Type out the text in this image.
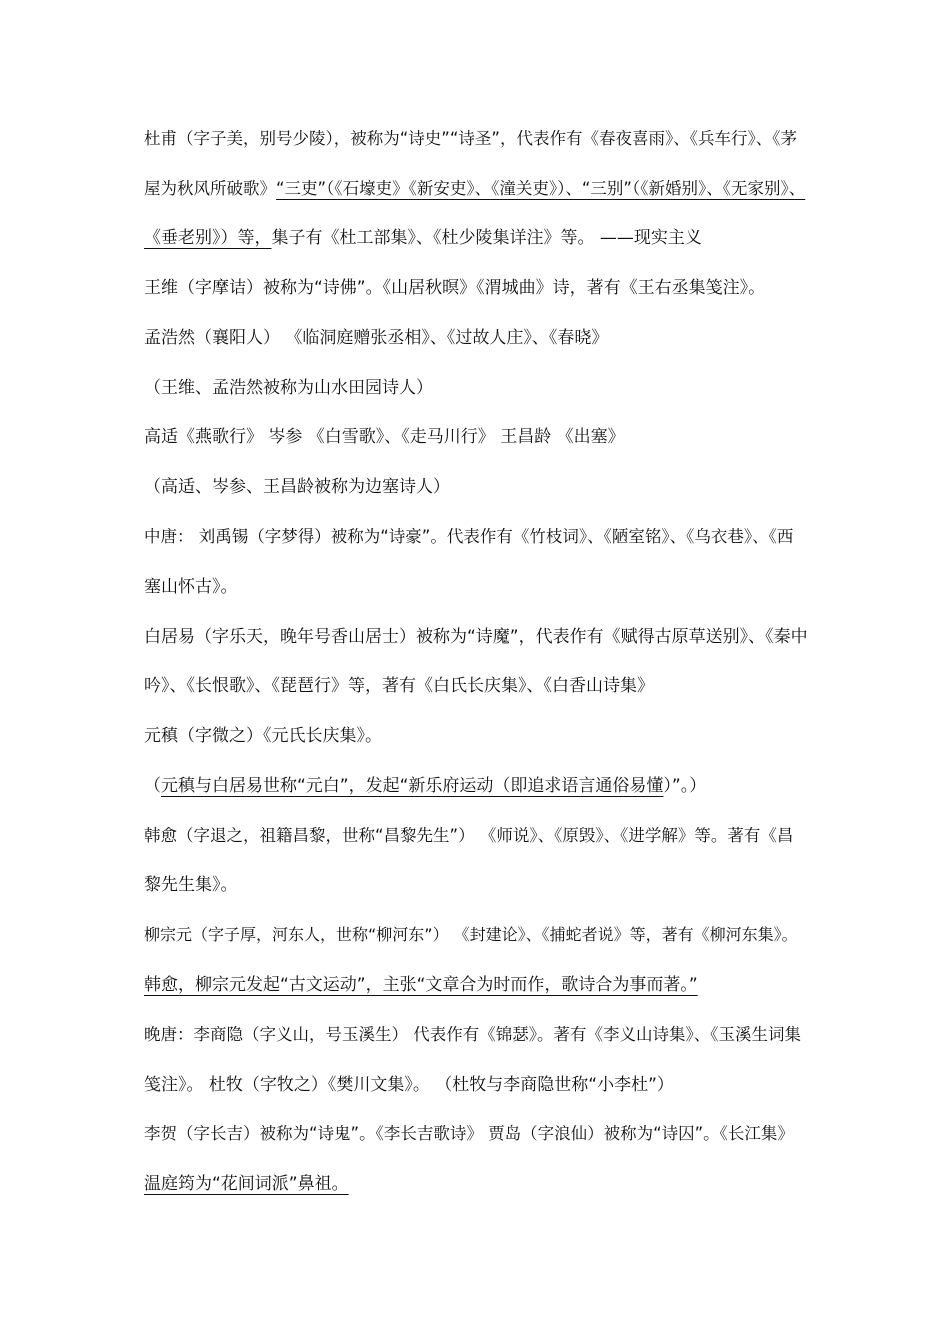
杜甫（字子美，别号少陵），被称为“诗史”“诗圣”，代表作有《春夜喜雨》、《兵车行》、《茅
屋为秋风所破歌》“三吏”（《石壕吏》《新安吏》、《潼关吏》）、“三别”（《新婚别》、《无家别》、
《垂老别》）等，集子有《杜工部集》、《杜少陵集详注》等。 ——现实主义
王维（字摩诘）被称为“诗佛”。《山居秋暝》《渭城曲》诗，著有《王右丞集笺注》。
孟浩然（襄阳人） 《临洞庭赠张丞相》、《过故人庄》、《春晓》
（王维、孟浩然被称为山水田园诗人）
高适《燕歌行》 岑参 《白雪歌》、《走马川行》 王昌龄 《出塞》
（高适、岑参、王昌龄被称为边塞诗人）
中唐： 刘禹锡（字梦得）被称为“诗豪”。代表作有《竹枝词》、《陋室铭》、《乌衣巷》、《西
塞山怀古》。
白居易（字乐天，晚年号香山居士）被称为“诗魔”，代表作有《赋得古原草送别》、《秦中
吟》、《长恨歌》、《琵琶行》等，著有《白氏长庆集》、《白香山诗集》
元稹（字微之）《元氏长庆集》。
（元稹与白居易世称“元白”，发起“新乐府运动（即追求语言通俗易懂）”。）
韩愈（字退之，祖籍昌黎，世称“昌黎先生”） 《师说》、《原毁》、《进学解》等。著有《昌
黎先生集》。
柳宗元（字子厚，河东人，世称“柳河东”） 《封建论》、《捕蛇者说》等，著有《柳河东集》。
韩愈，柳宗元发起“古文运动”，主张“文章合为时而作，歌诗合为事而著。”
晚唐：李商隐（字义山，号玉溪生） 代表作有《锦瑟》。著有《李义山诗集》、《玉溪生词集
笺注》。 杜牧（字牧之）《樊川文集》。 （杜牧与李商隐世称“小李杜”）
李贺（字长吉）被称为“诗鬼”。《李长吉歌诗》 贾岛（字浪仙）被称为“诗囚”。《长江集》
温庭筠为“花间词派”鼻祖。
